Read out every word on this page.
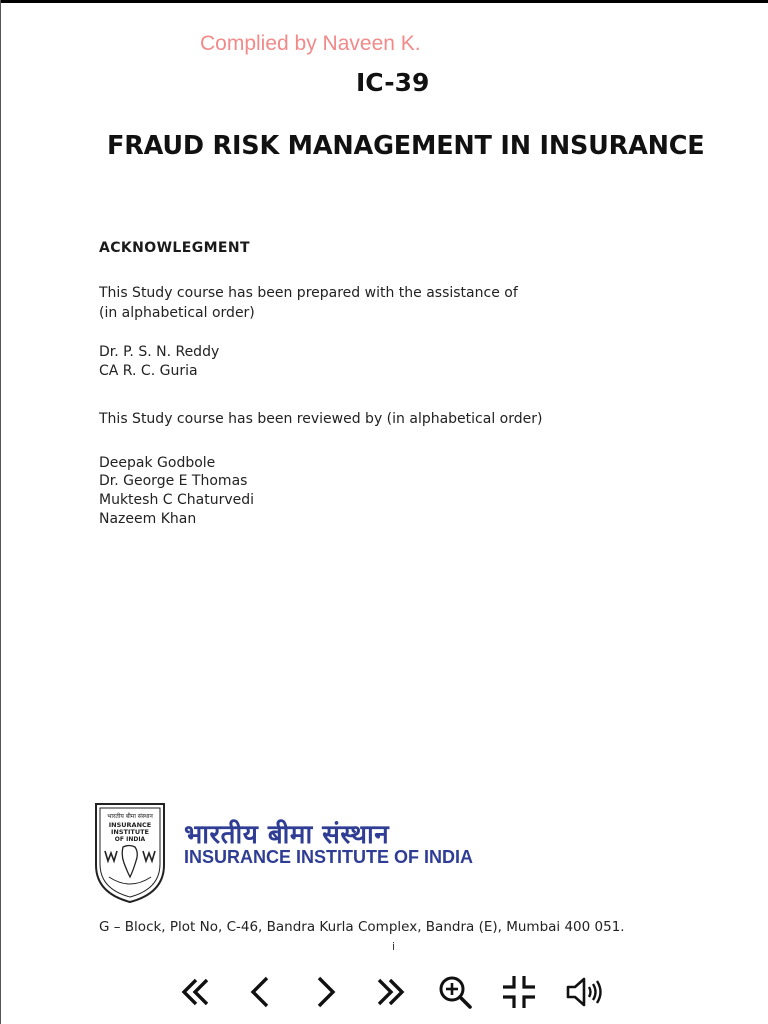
Complied by Naveen K.
IC-39
FRAUD RISK MANAGEMENT IN INSURANCE
ACKNOWLEGMENT
This Study course has been prepared with the assistance of
(in alphabetical order)
Dr. P. S. N. Reddy
CA R. C. Guria
This Study course has been reviewed by (in alphabetical order)
Deepak Godbole
Dr. George E Thomas
Muktesh C Chaturvedi
Nazeem Khan
भारतीय बीमा संस्थान
INSURANCE
INSTITUTE
OF INDIA भारतीय बीमा संस्थान
INSURANCE INSTITUTE OF INDIA
G – Block, Plot No, C-46, Bandra Kurla Complex, Bandra (E), Mumbai 400 051.
i
